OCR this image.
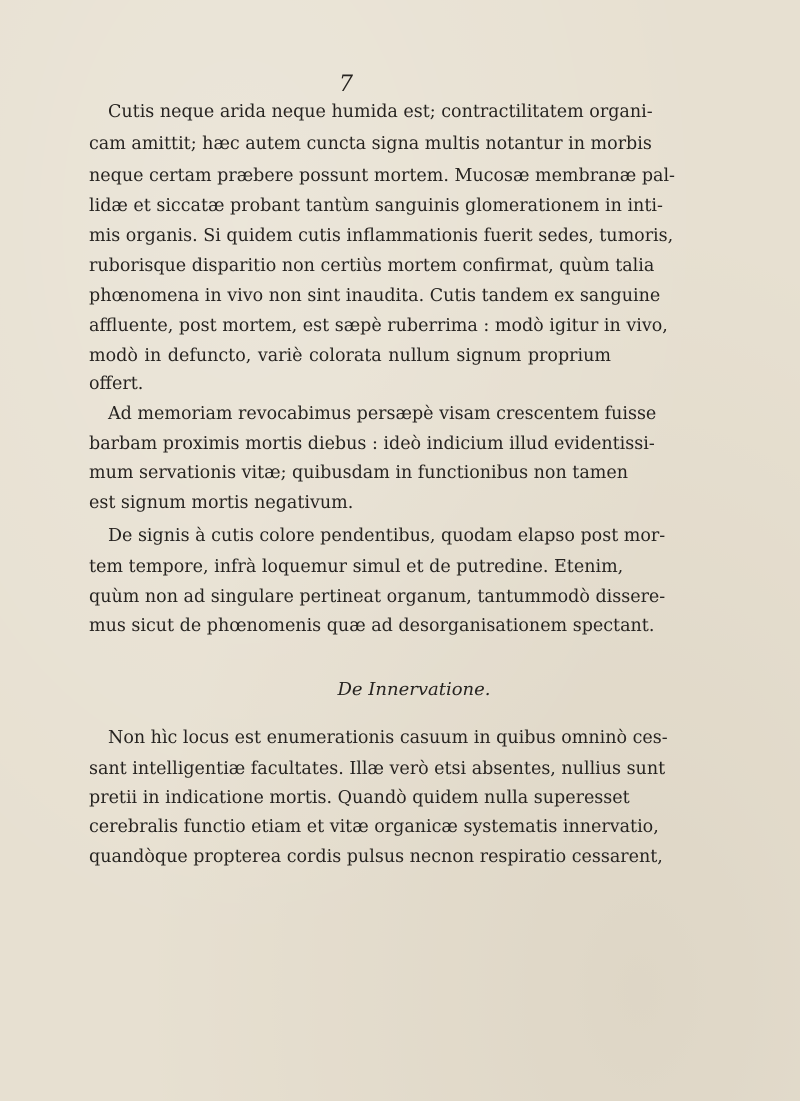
7
Cutis neque arida neque humida est; contractilitatem organi-
cam amittit; hæc autem cuncta signa multis notantur in morbis
neque certam præbere possunt mortem. Mucosæ membranæ pal-
lidæ et siccatæ probant tantùm sanguinis glomerationem in inti-
mis organis. Si quidem cutis inflammationis fuerit sedes, tumoris,
ruborisque disparitio non certiùs mortem confirmat, quùm talia
phœnomena in vivo non sint inaudita. Cutis tandem ex sanguine
affluente, post mortem, est sæpè ruberrima : modò igitur in vivo,
modò in defuncto, variè colorata nullum signum proprium
offert.
Ad memoriam revocabimus persæpè visam crescentem fuisse
barbam proximis mortis diebus : ideò indicium illud evidentissi-
mum servationis vitæ; quibusdam in functionibus non tamen
est signum mortis negativum.
De signis à cutis colore pendentibus, quodam elapso post mor-
tem tempore, infrà loquemur simul et de putredine. Etenim,
quùm non ad singulare pertineat organum, tantummodò dissere-
mus sicut de phœnomenis quæ ad desorganisationem spectant.
De Innervatione.
Non hìc locus est enumerationis casuum in quibus omninò ces-
sant intelligentiæ facultates. Illæ verò etsi absentes, nullius sunt
pretii in indicatione mortis. Quandò quidem nulla superesset
cerebralis functio etiam et vitæ organicæ systematis innervatio,
quandòque propterea cordis pulsus necnon respiratio cessarent,
